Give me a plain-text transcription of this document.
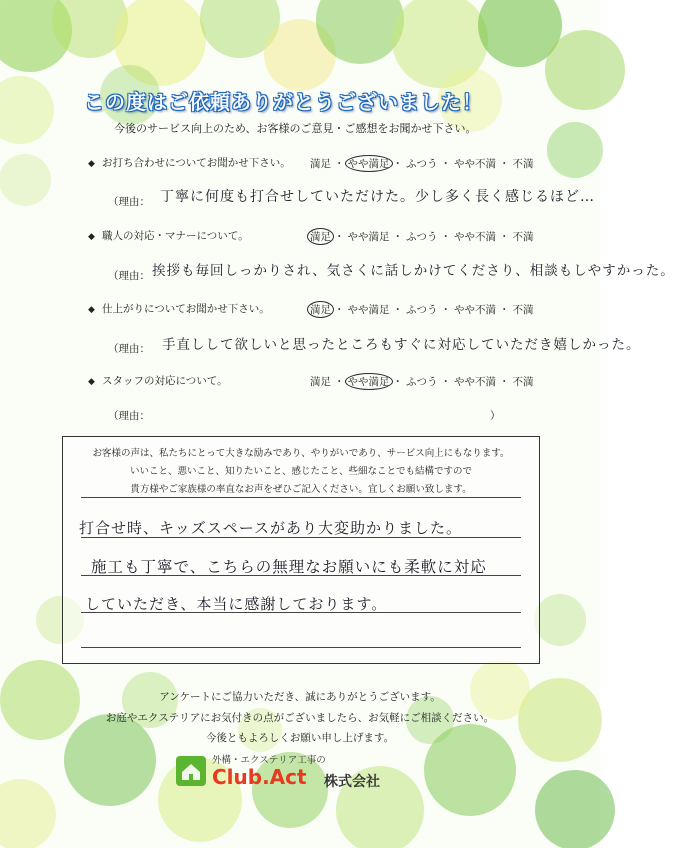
この度はご依頼ありがとうございました！
今後のサービス向上のため、お客様のご意見・ご感想をお聞かせ下さい。
◆ お打ち合わせについてお聞かせ下さい。 満足 ・ やや満足 ・ ふつう ・ やや不満 ・ 不満
（理由： 丁寧に何度も打合せしていただけた。少し多く長く感じるほど…
◆ 職人の対応・マナーについて。	満足 ・ やや満足 ・ ふつう ・ やや不満 ・ 不満
（理由： 挨拶も毎回しっかりされ、気さくに話しかけてくださり、相談もしやすかった。
◆ 仕上がりについてお聞かせ下さい。	満足 ・ やや満足 ・ ふつう ・ やや不満 ・ 不満
（理由： 手直しして欲しいと思ったところもすぐに対応していただき嬉しかった。
◆ スタッフの対応について。	満足 ・ やや満足 ・ ふつう ・ やや不満 ・ 不満
（理由：	）
お客様の声は、私たちにとって大きな励みであり、やりがいであり、サービス向上にもなります。
いいこと、悪いこと、知りたいこと、感じたこと、些細なことでも結構ですので
貴方様やご家族様の率直なお声をぜひご記入ください。宜しくお願い致します。
打合せ時、キッズスペースがあり大変助かりました。
施工も丁寧で、こちらの無理なお願いにも柔軟に対応
していただき、本当に感謝しております。
アンケートにご協力いただき、誠にありがとうございます。
お庭やエクステリアにお気付きの点がございましたら、お気軽にご相談ください。
今後ともよろしくお願い申し上げます。
外構・エクステリア工事の
Club.Act 株式会社
